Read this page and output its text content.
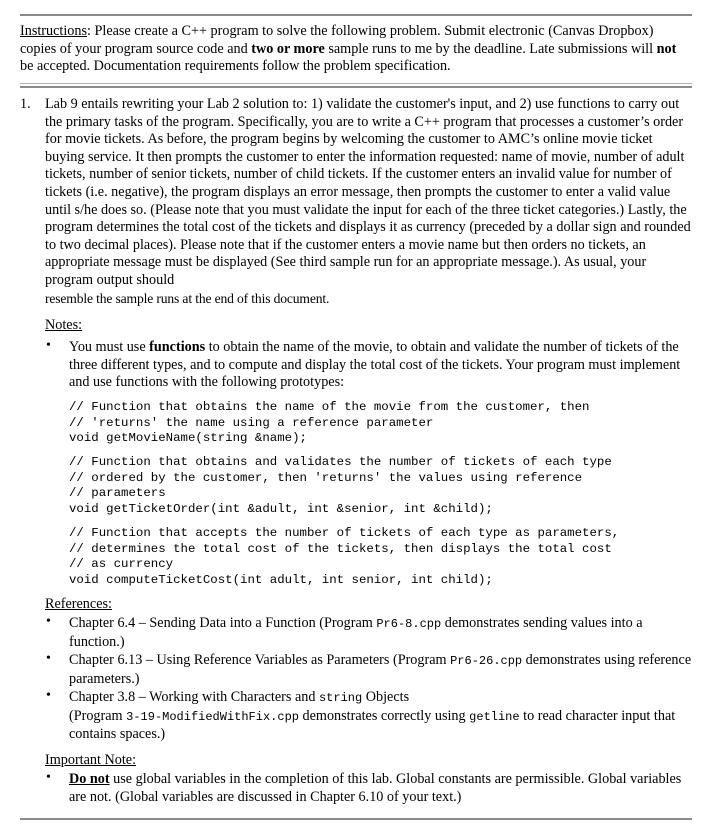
Instructions: Please create a C++ program to solve the following problem. Submit electronic (Canvas Dropbox) copies of your program source code and two or more sample runs to me by the deadline. Late submissions will not be accepted. Documentation requirements follow the problem specification.
1. Lab 9 entails rewriting your Lab 2 solution to: 1) validate the customer's input, and 2) use functions to carry out the primary tasks of the program. Specifically, you are to write a C++ program that processes a customer’s order for movie tickets. As before, the program begins by welcoming the customer to AMC’s online movie ticket buying service. It then prompts the customer to enter the information requested: name of movie, number of adult tickets, number of senior tickets, number of child tickets. If the customer enters an invalid value for number of tickets (i.e. negative), the program displays an error message, then prompts the customer to enter a valid value until s/he does so. (Please note that you must validate the input for each of the three ticket categories.) Lastly, the program determines the total cost of the tickets and displays it as currency (preceded by a dollar sign and rounded to two decimal places). Please note that if the customer enters a movie name but then orders no tickets, an appropriate message must be displayed (See third sample run for an appropriate message.). As usual, your program output should
resemble the sample runs at the end of this document.
Notes:
• You must use functions to obtain the name of the movie, to obtain and validate the number of tickets of the three different types, and to compute and display the total cost of the tickets. Your program must implement and use functions with the following prototypes:
// Function that obtains the name of the movie from the customer, then
// 'returns' the name using a reference parameter
void getMovieName(string &name);
// Function that obtains and validates the number of tickets of each type
// ordered by the customer, then 'returns' the values using reference
// parameters
void getTicketOrder(int &adult, int &senior, int &child);
// Function that accepts the number of tickets of each type as parameters,
// determines the total cost of the tickets, then displays the total cost
// as currency
void computeTicketCost(int adult, int senior, int child);
References:
• Chapter 6.4 – Sending Data into a Function (Program Pr6-8.cpp demonstrates sending values into a function.)
• Chapter 6.13 – Using Reference Variables as Parameters (Program Pr6-26.cpp demonstrates using reference parameters.)
• Chapter 3.8 – Working with Characters and string Objects
(Program 3-19-ModifiedWithFix.cpp demonstrates correctly using getline to read character input that contains spaces.)
Important Note:
• Do not use global variables in the completion of this lab. Global constants are permissible. Global variables are not. (Global variables are discussed in Chapter 6.10 of your text.)
